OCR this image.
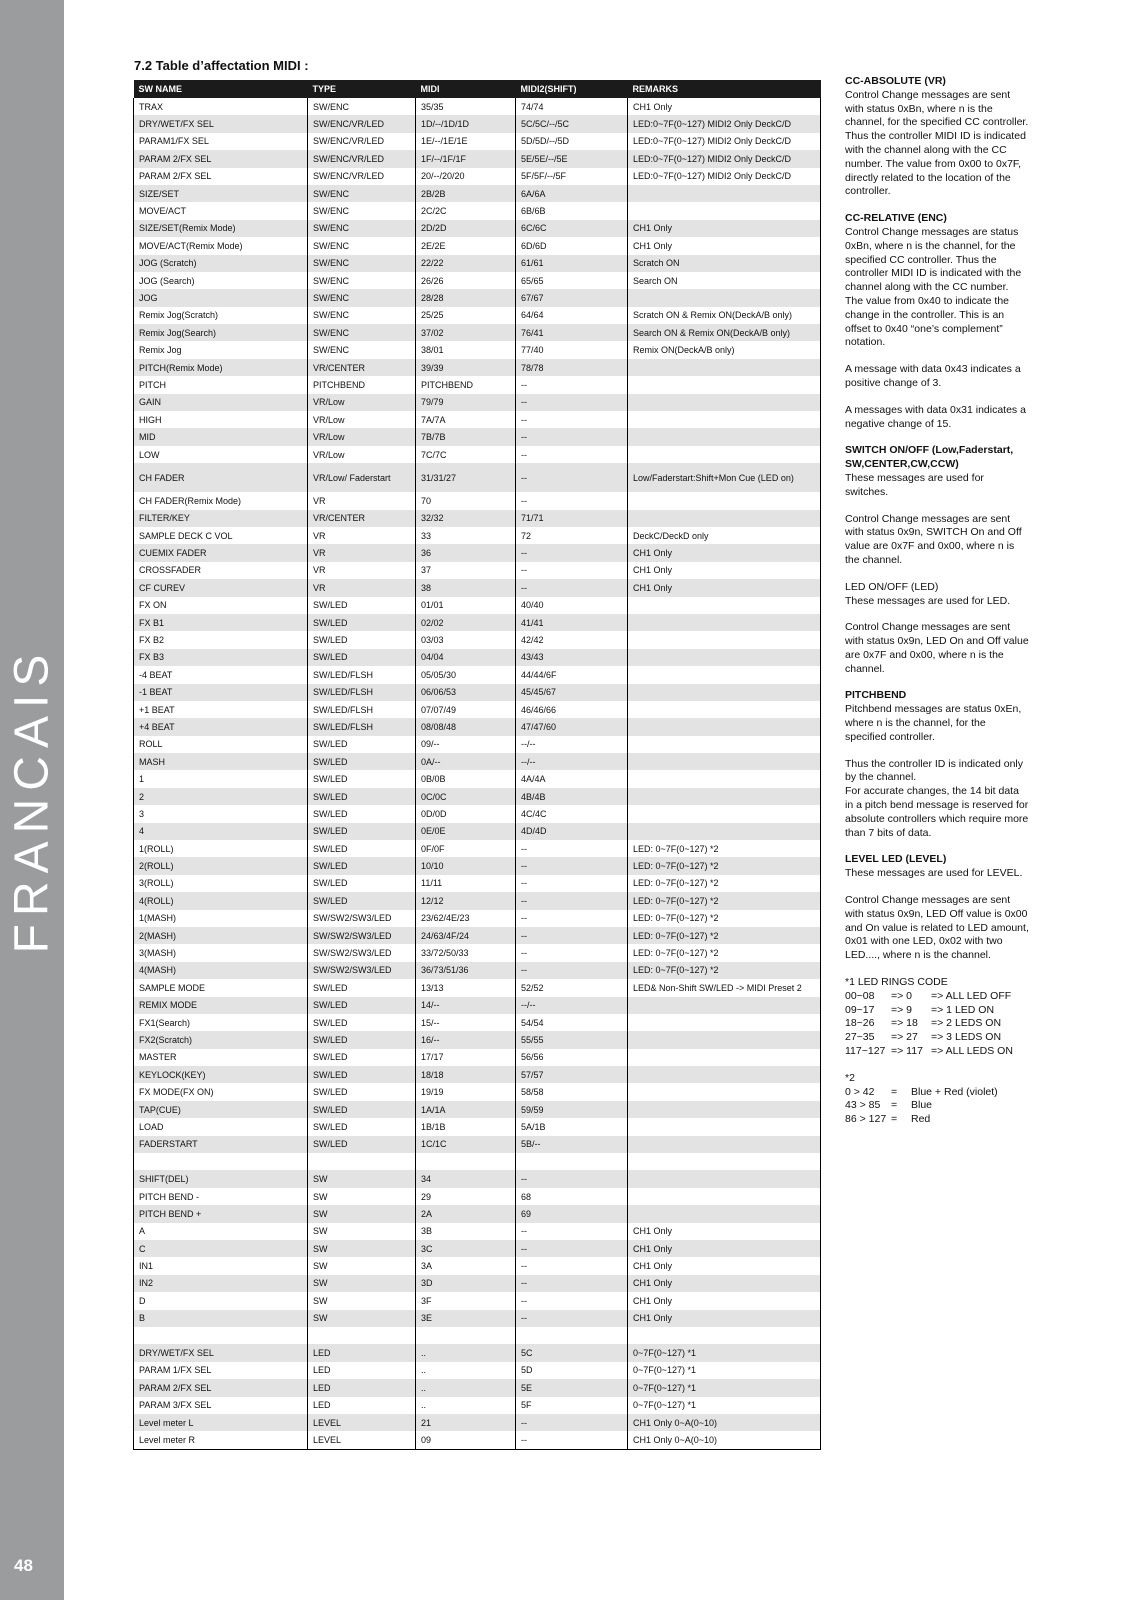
FRANCAIS
48
7.2 Table d’affectation MIDI :
SW NAME	TYPE	MIDI	MIDI2(SHIFT)	REMARKS
TRAX	SW/ENC	35/35	74/74	CH1 Only
DRY/WET/FX SEL	SW/ENC/VR/LED	1D/--/1D/1D	5C/5C/--/5C	LED:0~7F(0~127) MIDI2 Only DeckC/D
PARAM1/FX SEL	SW/ENC/VR/LED	1E/--/1E/1E	5D/5D/--/5D	LED:0~7F(0~127) MIDI2 Only DeckC/D
PARAM 2/FX SEL	SW/ENC/VR/LED	1F/--/1F/1F	5E/5E/--/5E	LED:0~7F(0~127) MIDI2 Only DeckC/D
PARAM 2/FX SEL	SW/ENC/VR/LED	20/--/20/20	5F/5F/--/5F	LED:0~7F(0~127) MIDI2 Only DeckC/D
SIZE/SET	SW/ENC	2B/2B	6A/6A	
MOVE/ACT	SW/ENC	2C/2C	6B/6B	
SIZE/SET(Remix Mode)	SW/ENC	2D/2D	6C/6C	CH1 Only
MOVE/ACT(Remix Mode)	SW/ENC	2E/2E	6D/6D	CH1 Only
JOG (Scratch)	SW/ENC	22/22	61/61	Scratch ON
JOG (Search)	SW/ENC	26/26	65/65	Search ON
JOG	SW/ENC	28/28	67/67	
Remix Jog(Scratch)	SW/ENC	25/25	64/64	Scratch ON & Remix ON(DeckA/B only)
Remix Jog(Search)	SW/ENC	37/02	76/41	Search ON & Remix ON(DeckA/B only)
Remix Jog	SW/ENC	38/01	77/40	Remix ON(DeckA/B only)
PITCH(Remix Mode)	VR/CENTER	39/39	78/78	
PITCH	PITCHBEND	PITCHBEND	--	
GAIN	VR/Low	79/79	--	
HIGH	VR/Low	7A/7A	--	
MID	VR/Low	7B/7B	--	
LOW	VR/Low	7C/7C	--	
CH FADER	VR/Low/ Faderstart	31/31/27	--	Low/Faderstart:Shift+Mon Cue (LED on)
CH FADER(Remix Mode)	VR	70	--	
FILTER/KEY	VR/CENTER	32/32	71/71	
SAMPLE DECK C VOL	VR	33	72	DeckC/DeckD only
CUEMIX FADER	VR	36	--	CH1 Only
CROSSFADER	VR	37	--	CH1 Only
CF CUREV	VR	38	--	CH1 Only
FX ON	SW/LED	01/01	40/40	
FX B1	SW/LED	02/02	41/41	
FX B2	SW/LED	03/03	42/42	
FX B3	SW/LED	04/04	43/43	
-4 BEAT	SW/LED/FLSH	05/05/30	44/44/6F	
-1 BEAT	SW/LED/FLSH	06/06/53	45/45/67	
+1 BEAT	SW/LED/FLSH	07/07/49	46/46/66	
+4 BEAT	SW/LED/FLSH	08/08/48	47/47/60	
ROLL	SW/LED	09/--	--/--	
MASH	SW/LED	0A/--	--/--	
1	SW/LED	0B/0B	4A/4A	
2	SW/LED	0C/0C	4B/4B	
3	SW/LED	0D/0D	4C/4C	
4	SW/LED	0E/0E	4D/4D	
1(ROLL)	SW/LED	0F/0F	--	LED: 0~7F(0~127) *2
2(ROLL)	SW/LED	10/10	--	LED: 0~7F(0~127) *2
3(ROLL)	SW/LED	11/11	--	LED: 0~7F(0~127) *2
4(ROLL)	SW/LED	12/12	--	LED: 0~7F(0~127) *2
1(MASH)	SW/SW2/SW3/LED	23/62/4E/23	--	LED: 0~7F(0~127) *2
2(MASH)	SW/SW2/SW3/LED	24/63/4F/24	--	LED: 0~7F(0~127) *2
3(MASH)	SW/SW2/SW3/LED	33/72/50/33	--	LED: 0~7F(0~127) *2
4(MASH)	SW/SW2/SW3/LED	36/73/51/36	--	LED: 0~7F(0~127) *2
SAMPLE MODE	SW/LED	13/13	52/52	LED& Non-Shift SW/LED -> MIDI Preset 2
REMIX MODE	SW/LED	14/--	--/--	
FX1(Search)	SW/LED	15/--	54/54	
FX2(Scratch)	SW/LED	16/--	55/55	
MASTER	SW/LED	17/17	56/56	
KEYLOCK(KEY)	SW/LED	18/18	57/57	
FX MODE(FX ON)	SW/LED	19/19	58/58	
TAP(CUE)	SW/LED	1A/1A	59/59	
LOAD	SW/LED	1B/1B	5A/1B	
FADERSTART	SW/LED	1C/1C	5B/--	

SHIFT(DEL)	SW	34	--	
PITCH BEND -	SW	29	68	
PITCH BEND +	SW	2A	69	
A	SW	3B	--	CH1 Only
C	SW	3C	--	CH1 Only
IN1	SW	3A	--	CH1 Only
IN2	SW	3D	--	CH1 Only
D	SW	3F	--	CH1 Only
B	SW	3E	--	CH1 Only

DRY/WET/FX SEL	LED	..	5C	0~7F(0~127) *1
PARAM 1/FX SEL	LED	..	5D	0~7F(0~127) *1
PARAM 2/FX SEL	LED	..	5E	0~7F(0~127) *1
PARAM 3/FX SEL	LED	..	5F	0~7F(0~127) *1
Level meter L	LEVEL	21	--	CH1 Only 0~A(0~10)
Level meter R	LEVEL	09	--	CH1 Only 0~A(0~10)
CC-ABSOLUTE (VR)
Control Change messages are sent with status 0xBn, where n is the channel, for the specified CC controller. Thus the controller MIDI ID is indicated with the channel along with the CC number. The value from 0x00 to 0x7F, directly related to the location of the controller.
CC-RELATIVE (ENC)
Control Change messages are status 0xBn, where n is the channel, for the specified CC controller. Thus the controller MIDI ID is indicated with the channel along with the CC number. The value from 0x40 to indicate the change in the controller. This is an offset to 0x40 “one’s complement” notation.
A message with data 0x43 indicates a positive change of 3.
A messages with data 0x31 indicates a negative change of 15.
SWITCH ON/OFF (Low,Faderstart, SW,CENTER,CW,CCW)
These messages are used for switches.
Control Change messages are sent with status 0x9n, SWITCH On and Off value are 0x7F and 0x00, where n is the channel.
LED ON/OFF (LED)
These messages are used for LED.
Control Change messages are sent with status 0x9n, LED On and Off value are 0x7F and 0x00, where n is the channel.
PITCHBEND
Pitchbend messages are status 0xEn, where n is the channel, for the specified controller.
Thus the controller ID is indicated only by the channel.
For accurate changes, the 14 bit data in a pitch bend message is reserved for absolute controllers which require more than 7 bits of data.
LEVEL LED (LEVEL)
These messages are used for LEVEL.
Control Change messages are sent with status 0x9n, LED Off value is 0x00 and On value is related to LED amount, 0x01 with one LED, 0x02 with two LED...., where n is the channel.
*1 LED RINGS CODE
00~08	=> 0	=> ALL LED OFF
09~17	=> 9	=> 1 LED ON
18~26	=> 18	=> 2 LEDS ON
27~35	=> 27	=> 3 LEDS ON
117~127 => 117 => ALL LEDS ON
*2
0 > 42	=	Blue + Red (violet)
43 > 85	=	Blue
86 > 127 =	Red
